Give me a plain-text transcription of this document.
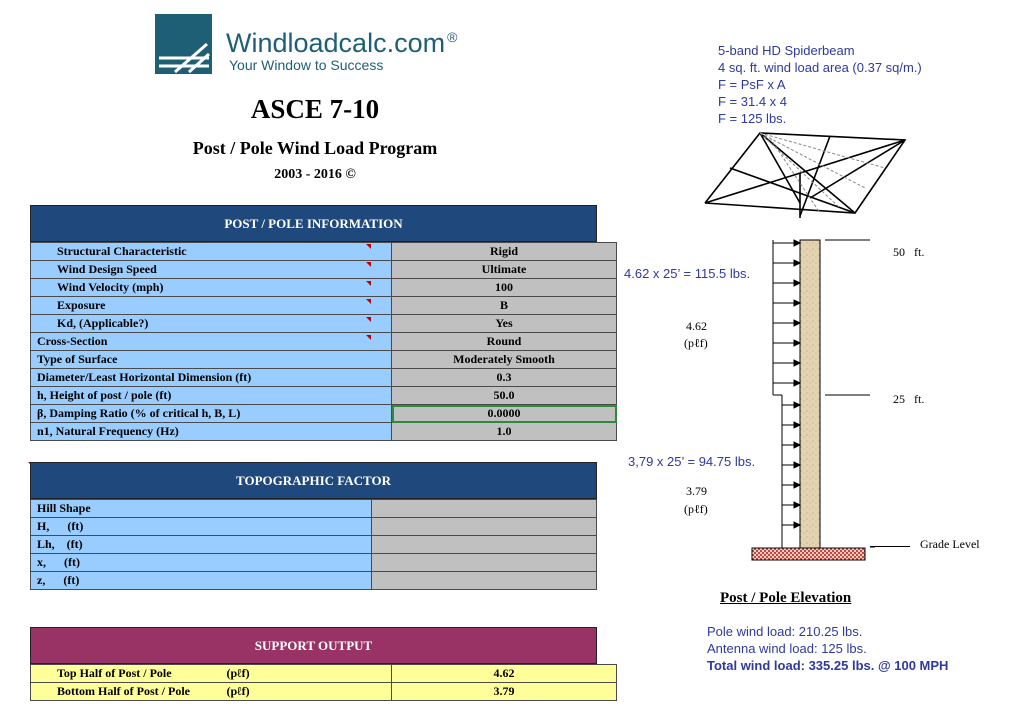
Windloadcalc.com ®
Your Window to Success
ASCE 7-10
Post / Pole Wind Load Program
2003 - 2016 ©
POST / POLE INFORMATION
Structural Characteristic	Rigid
Wind Design Speed	Ultimate
Wind Velocity (mph)	100
Exposure	B
Kd, (Applicable?)	Yes
Cross-Section	Round
Type of Surface	Moderately Smooth
Diameter/Least Horizontal Dimension (ft)	0.3
h, Height of post / pole (ft)	50.0
β, Damping Ratio (% of critical h, B, L)	0.0000
n1, Natural Frequency (Hz)	1.0
TOPOGRAPHIC FACTOR
Hill Shape	
H,      (ft)	
Lh,    (ft)	
x,      (ft)	
z,      (ft)	
SUPPORT OUTPUT
Top Half of Post / Pole (pℓf)	4.62
Bottom Half of Post / Pole (pℓf)	3.79
5-band HD Spiderbeam
4 sq. ft. wind load area (0.37 sq/m.)
F = PsF x A
F = 31.4 x 4
F = 125 lbs.
4.62 x 25’ = 115.5 lbs.
4.62
(pℓf)
3,79 x 25’ = 94.75 lbs.
3.79
(pℓf)
50 ft.
25 ft.
Grade Level
Post / Pole Elevation
Pole wind load: 210.25 lbs.
Antenna wind load: 125 lbs.
Total wind load: 335.25 lbs. @ 100 MPH
